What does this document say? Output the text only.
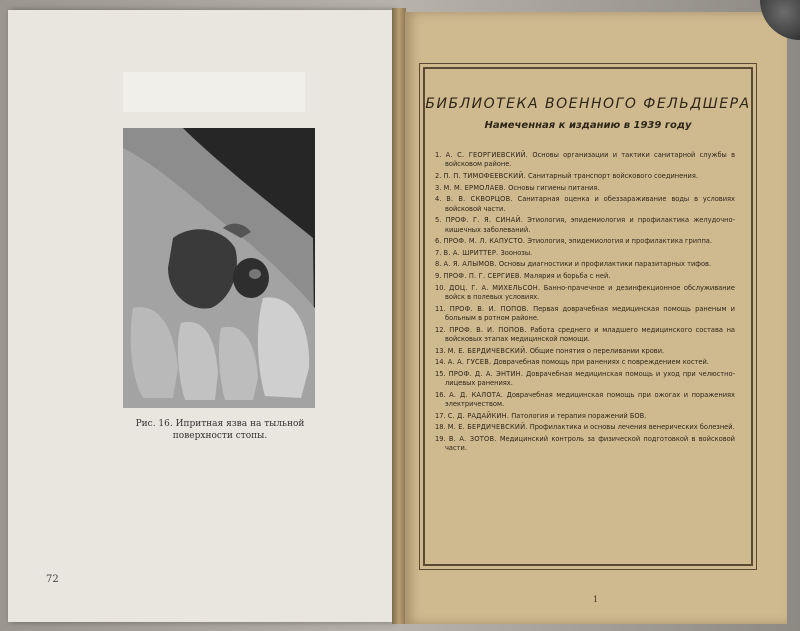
Рис. 16. Ипритная язва на тыльной поверхности стопы.
72
БИБЛИОТЕКА ВОЕННОГО ФЕЛЬДШЕРА
Намеченная к изданию в 1939 году
1. А. С. ГЕОРГИЕВСКИЙ. Основы организации и тактики санитарной службы в войсковом районе.
2. П. П. ТИМОФЕЕВСКИЙ. Санитарный транспорт войскового соединения.
3. М. М. ЕРМОЛАЕВ. Основы гигиены питания.
4. В. В. СКВОРЦОВ. Санитарная оценка и обеззараживание воды в условиях войсковой части.
5. ПРОФ. Г. Я. СИНАЙ. Этиология, эпидемиология и профилактика желудочно-кишечных заболеваний.
6. ПРОФ. М. Л. КАПУСТО. Этиология, эпидемиология и профилактика гриппа.
7. В. А. ШРИТТЕР. Зоонозы.
8. А. Я. АЛЫМОВ. Основы диагностики и профилактики паразитарных тифов.
9. ПРОФ. П. Г. СЕРГИЕВ. Малярия и борьба с ней.
10. ДОЦ. Г. А. МИХЕЛЬСОН. Банно-прачечное и дезинфекционное обслуживание войск в полевых условиях.
11. ПРОФ. В. И. ПОПОВ. Первая доврачебная медицинская помощь раненым и больным в ротном районе.
12. ПРОФ. В. И. ПОПОВ. Работа среднего и младшего медицинского состава на войсковых этапах медицинской помощи.
13. М. Е. БЕРДИЧЕВСКИЙ. Общие понятия о переливании крови.
14. А. А. ГУСЕВ. Доврачебная помощь при ранениях с повреждением костей.
15. ПРОФ. Д. А. ЭНТИН. Доврачебная медицинская помощь и уход при челюстно-лицевых ранениях.
16. А. Д. КАЛОТА. Доврачебная медицинская помощь при ожогах и поражениях электричеством.
17. С. Д. РАДАЙКИН. Патология и терапия поражений БОВ.
18. М. Е. БЕРДИЧЕВСКИЙ. Профилактика и основы лечения венерических болезней.
19. В. А. ЗОТОВ. Медицинский контроль за физической подготовкой в войсковой части.
1
